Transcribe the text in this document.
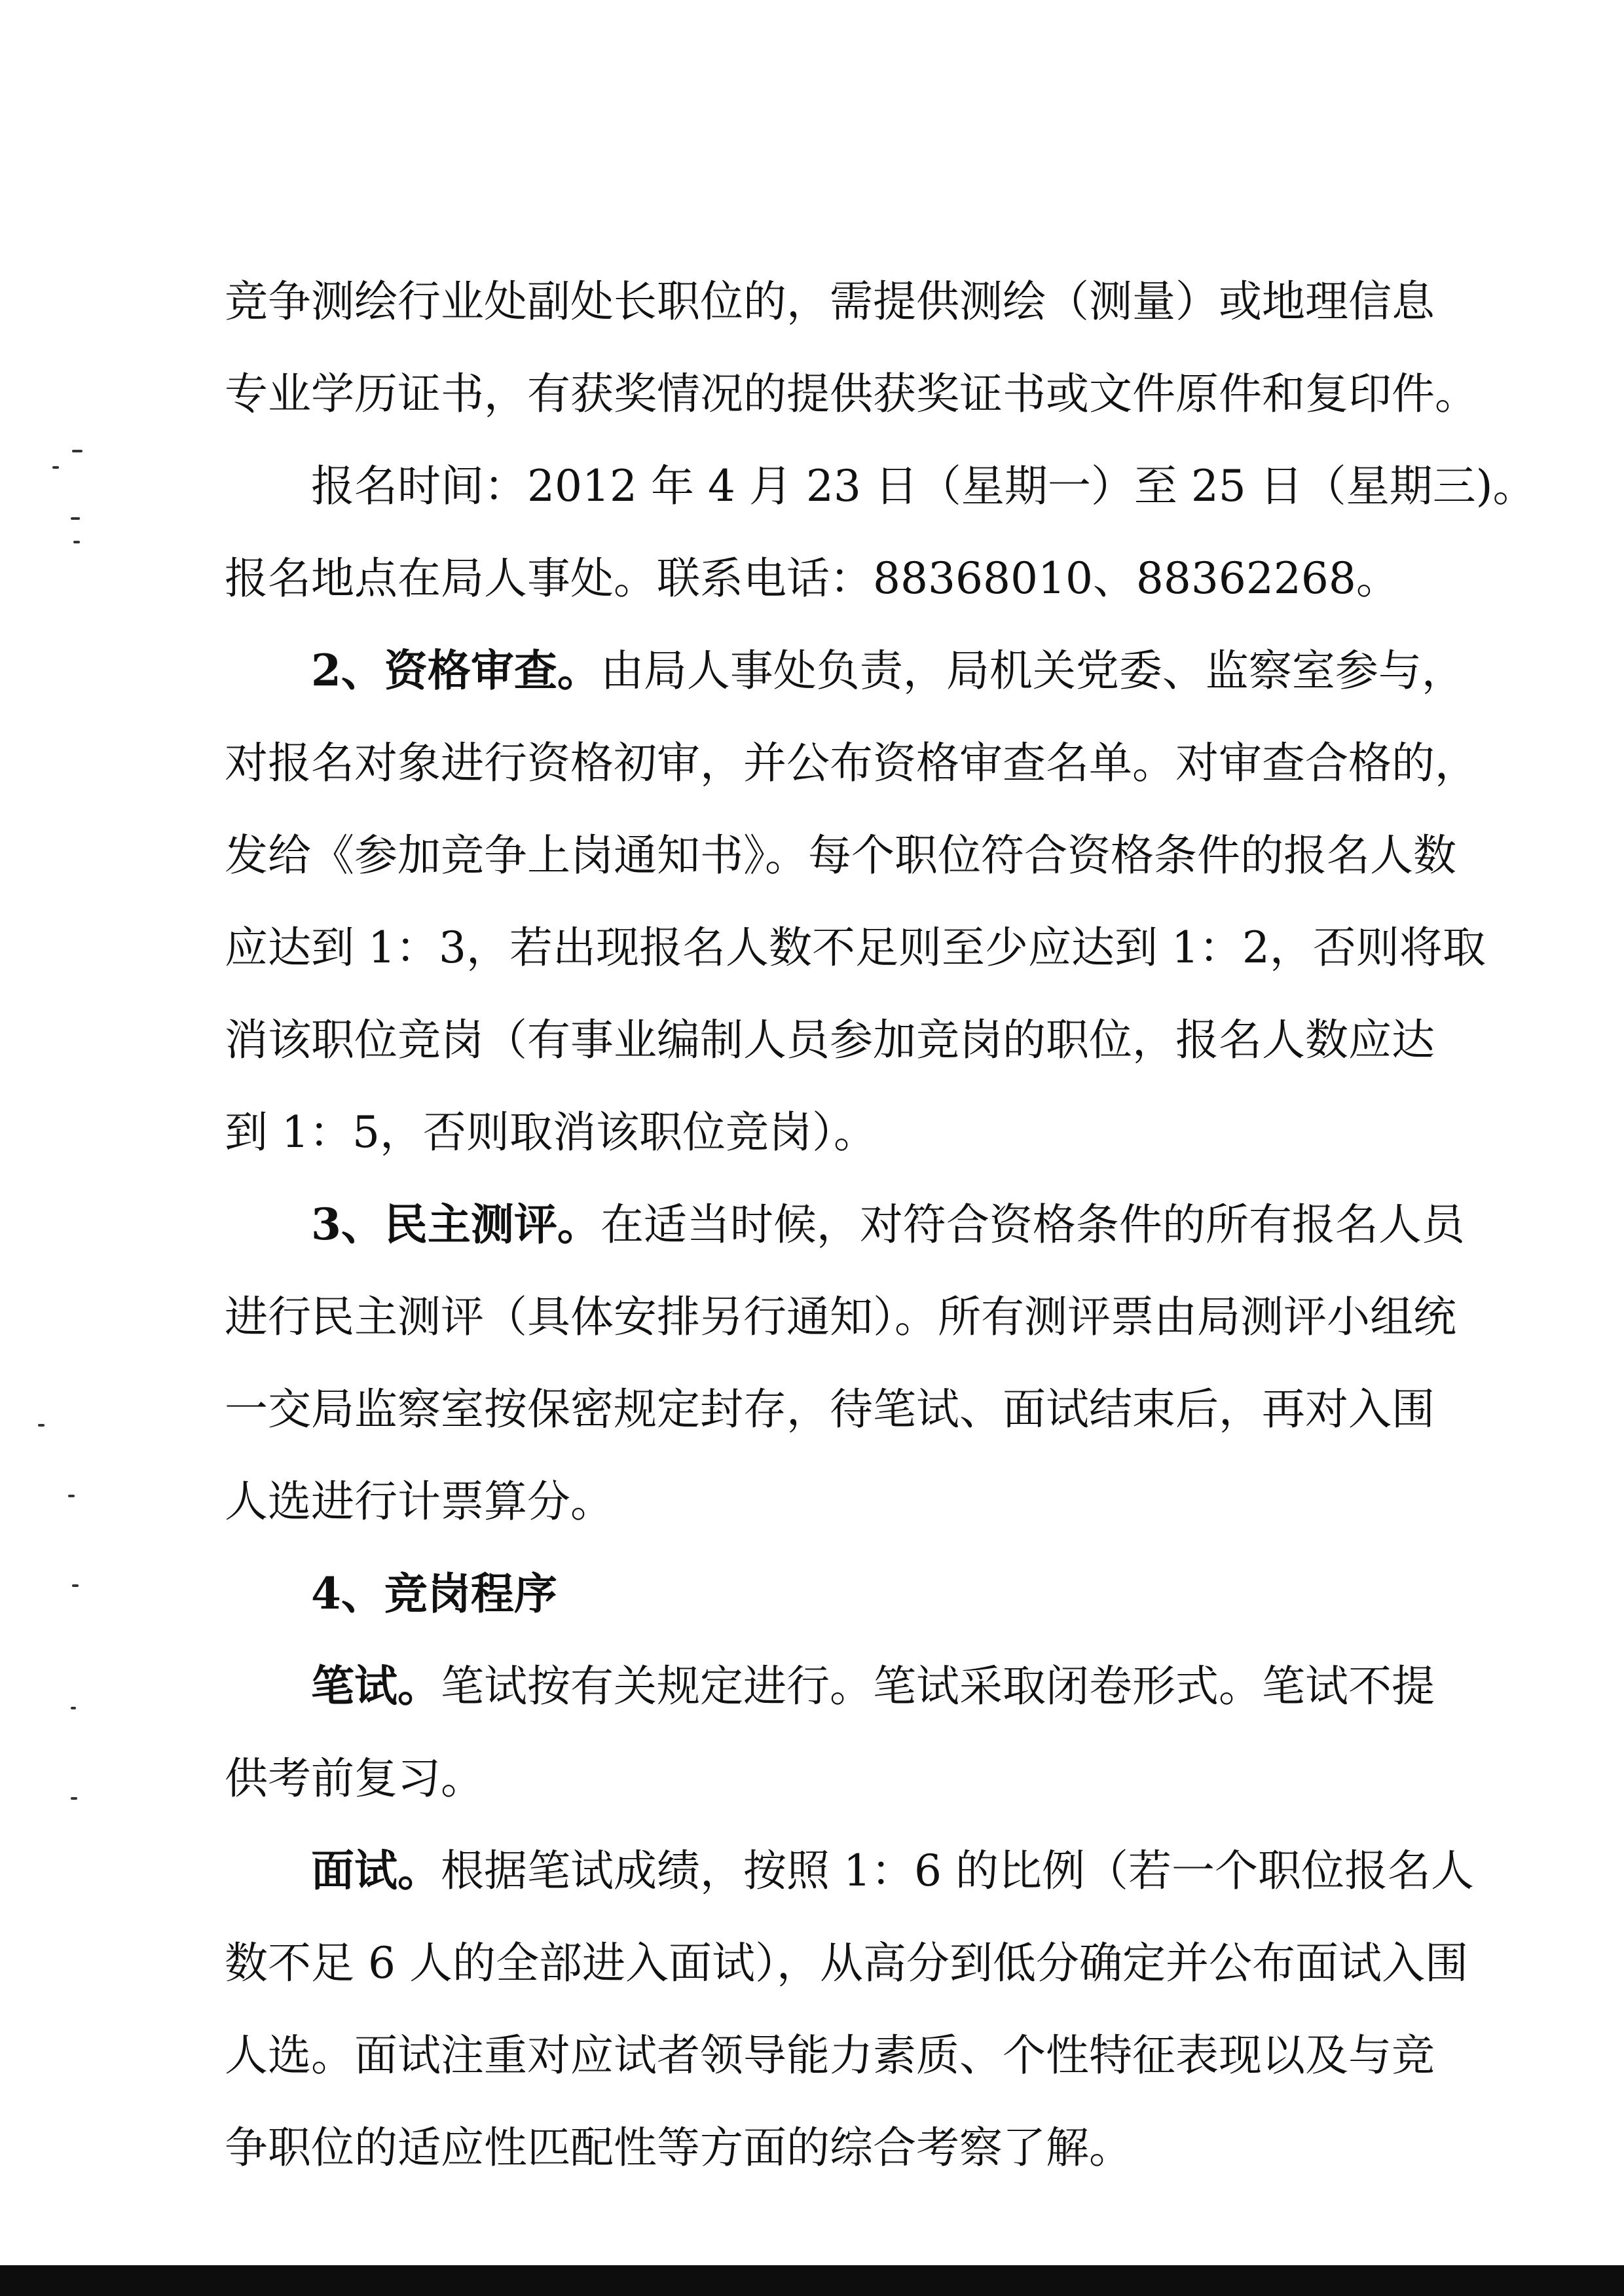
竞争测绘行业处副处长职位的，需提供测绘（测量）或地理信息

专业学历证书，有获奖情况的提供获奖证书或文件原件和复印件。

报名时间：2012 年 4 月 23 日（星期一）至 25 日（星期三)。

报名地点在局人事处。联系电话：88368010、88362268。

2、资格审查。由局人事处负责，局机关党委、监察室参与，

对报名对象进行资格初审，并公布资格审查名单。对审查合格的，

发给《参加竞争上岗通知书》。每个职位符合资格条件的报名人数

应达到 1：3，若出现报名人数不足则至少应达到 1：2，否则将取

消该职位竞岗（有事业编制人员参加竞岗的职位，报名人数应达

到 1：5，否则取消该职位竞岗）。

3、民主测评。在适当时候，对符合资格条件的所有报名人员

进行民主测评（具体安排另行通知）。所有测评票由局测评小组统

一交局监察室按保密规定封存，待笔试、面试结束后，再对入围

人选进行计票算分。

4、竞岗程序

笔试。笔试按有关规定进行。笔试采取闭卷形式。笔试不提

供考前复习。

面试。根据笔试成绩，按照 1：6 的比例（若一个职位报名人

数不足 6 人的全部进入面试），从高分到低分确定并公布面试入围

人选。面试注重对应试者领导能力素质、个性特征表现以及与竞

争职位的适应性匹配性等方面的综合考察了解。
